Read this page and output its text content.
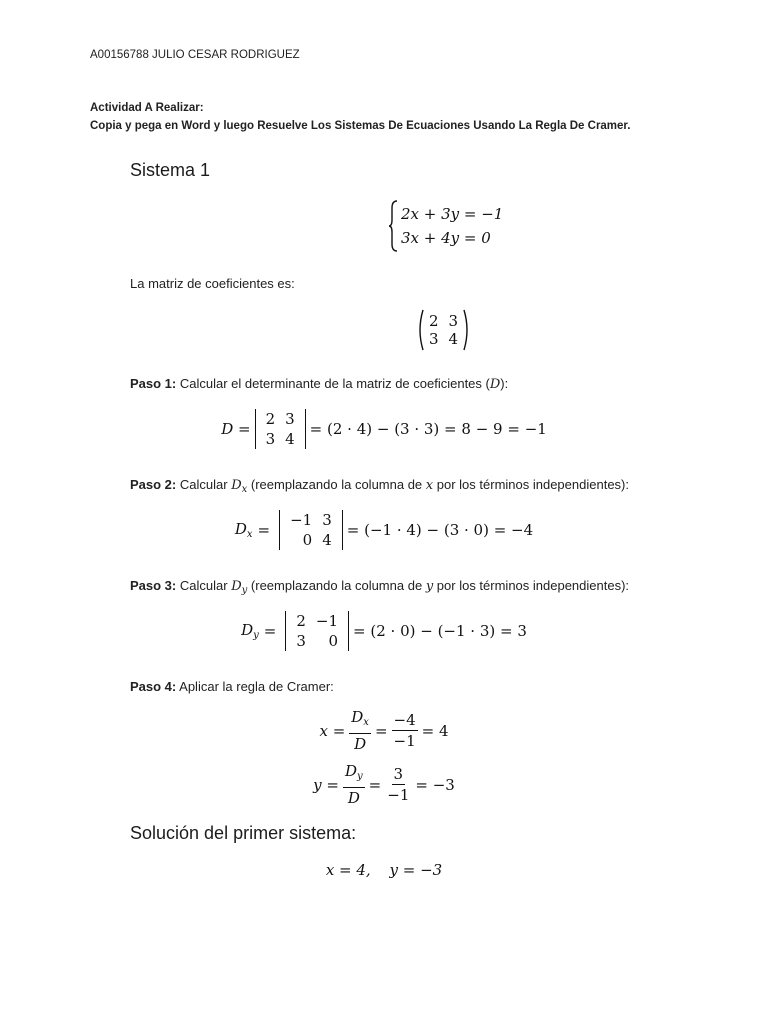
A00156788 JULIO CESAR RODRIGUEZ
Actividad A Realizar:
Copia y pega en Word y luego Resuelve Los Sistemas De Ecuaciones Usando La Regla De Cramer.
Sistema 1
2x + 3y = −1
3x + 4y = 0
La matriz de coeficientes es:
2	3
3	4
Paso 1: Calcular el determinante de la matriz de coeficientes (D):
D =
2	3
3	4
= (2 · 4) − (3 · 3) = 8 − 9 = −1
Paso 2: Calcular $D_x$ (reemplazando la columna de x por los términos independientes):
$D_x$ =
−1	3
0	4
= (−1 · 4) − (3 · 0) = −4
Paso 3: Calcular $D_y$ (reemplazando la columna de y por los términos independientes):
$D_y$ =
2	−1
3	0
= (2 · 0) − (−1 · 3) = 3
Paso 4: Aplicar la regla de Cramer:
$x = \frac{D_x}{D} = \frac{-4}{-1} = 4$
$y = \frac{D_y}{D} = \frac{3}{-1} = -3$
Solución del primer sistema:
x = 4, y = −3
